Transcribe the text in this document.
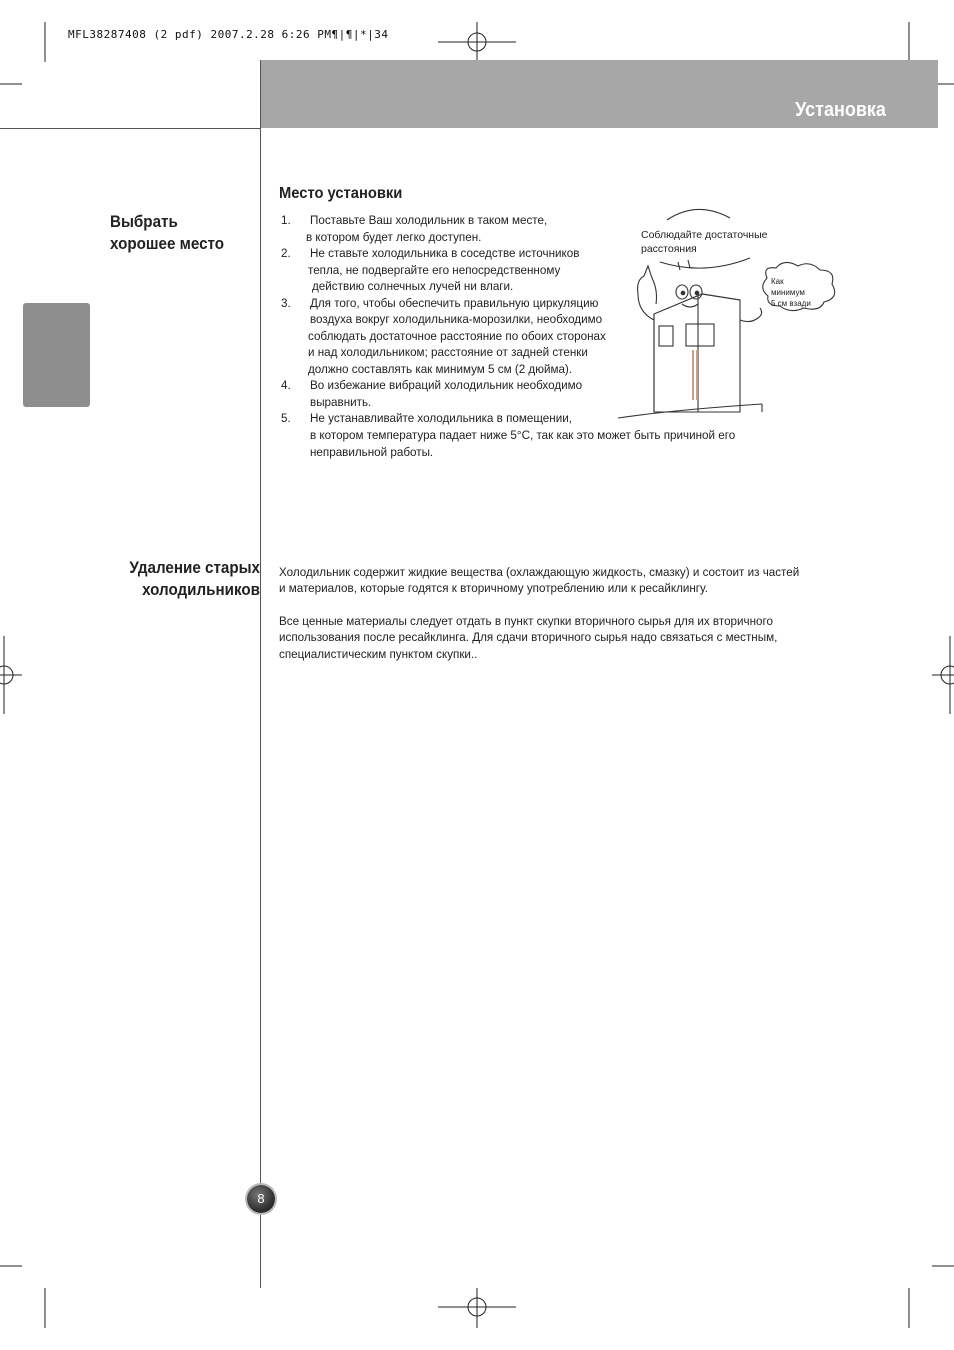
MFL38287408 (2 pdf) 2007.2.28 6:26 PM¶|¶|*|34
Установка
Выбрать
хорошее место
Удаление старых
холодильников
Место установки
1. Поставьте Ваш холодильник в таком месте,
в котором будет легко доступен.
2. Не ставьте холодильника в соседстве источников
тепла, не подвергайте его непосредственному
действию солнечных лучей ни влаги.
3. Для того, чтобы обеспечить правильную циркуляцию
воздуха вокруг холодильника-морозилки, необходимо
соблюдать достаточное расстояние по обоих сторонах
и над холодильником; расстояние от задней стенки
должно составлять как минимум 5 см (2 дюйма).
4. Во избежание вибраций холодильник необходимо
выравнить.
5. Не устанавливайте холодильника в помещении,
в котором температура падает ниже 5°C, так как это может быть причиной его
неправильной работы.
Соблюдайте достаточные
расстояния
Как
минимум
5 см взади
Холодильник содержит жидкие вещества (охлаждающую жидкость, смазку) и состоит из частей
и материалов, которые годятся к вторичному употреблению или к ресайклингу.
Все ценные материалы следует отдать в пункт скупки вторичного сырья для их вторичного
использования после ресайклинга. Для сдачи вторичного сырья надо связаться с местным,
специалистическим пунктом скупки..
8
